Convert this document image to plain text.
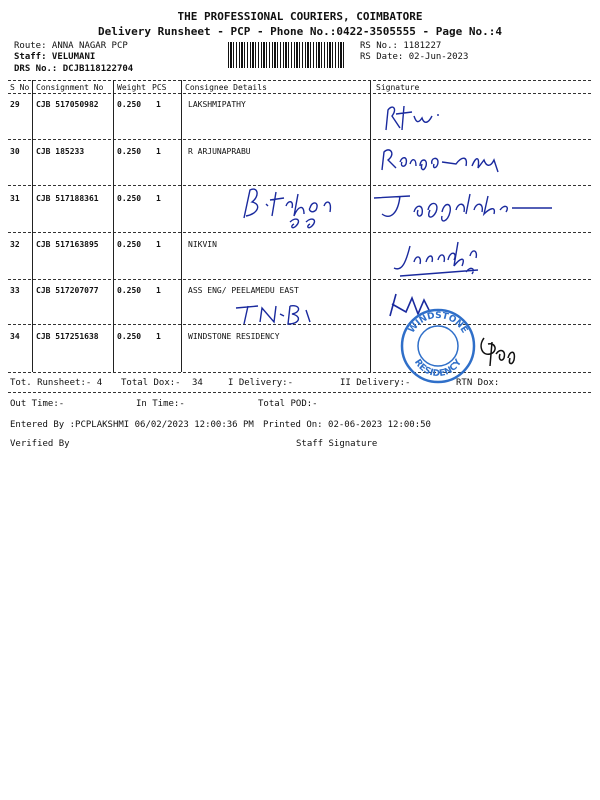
THE PROFESSIONAL COURIERS, COIMBATORE
Delivery Runsheet - PCP - Phone No.:0422-3505555 - Page No.:4
Route: ANNA NAGAR PCP
Staff: VELUMANI
DRS No.: DCJB118122704
RS No.: 1181227
RS Date: 02-Jun-2023
S No Consignment No Weight PCS Consignee Details	Signature
29 CJB 517050982 0.250 1	LAKSHMIPATHY
30 CJB 185233	0.250 1	R ARJUNAPRABU
31 CJB 517188361 0.250 1
32 CJB 517163895 0.250 1	NIKVIN
33 CJB 517207077 0.250 1	ASS ENG/ PEELAMEDU EAST
34 CJB 517251638 0.250 1	WINDSTONE RESIDENCY
WINDSTONE
RESIDENCY
Tot. Runsheet:- 4 Total Dox:- 34	I Delivery:-	II Delivery:-	RTN Dox:
Out Time:-	In Time:-	Total POD:-
Entered By :PCPLAKSHMI 06/02/2023 12:00:36 PM Printed On: 02-06-2023 12:00:50
Verified By	Staff Signature
